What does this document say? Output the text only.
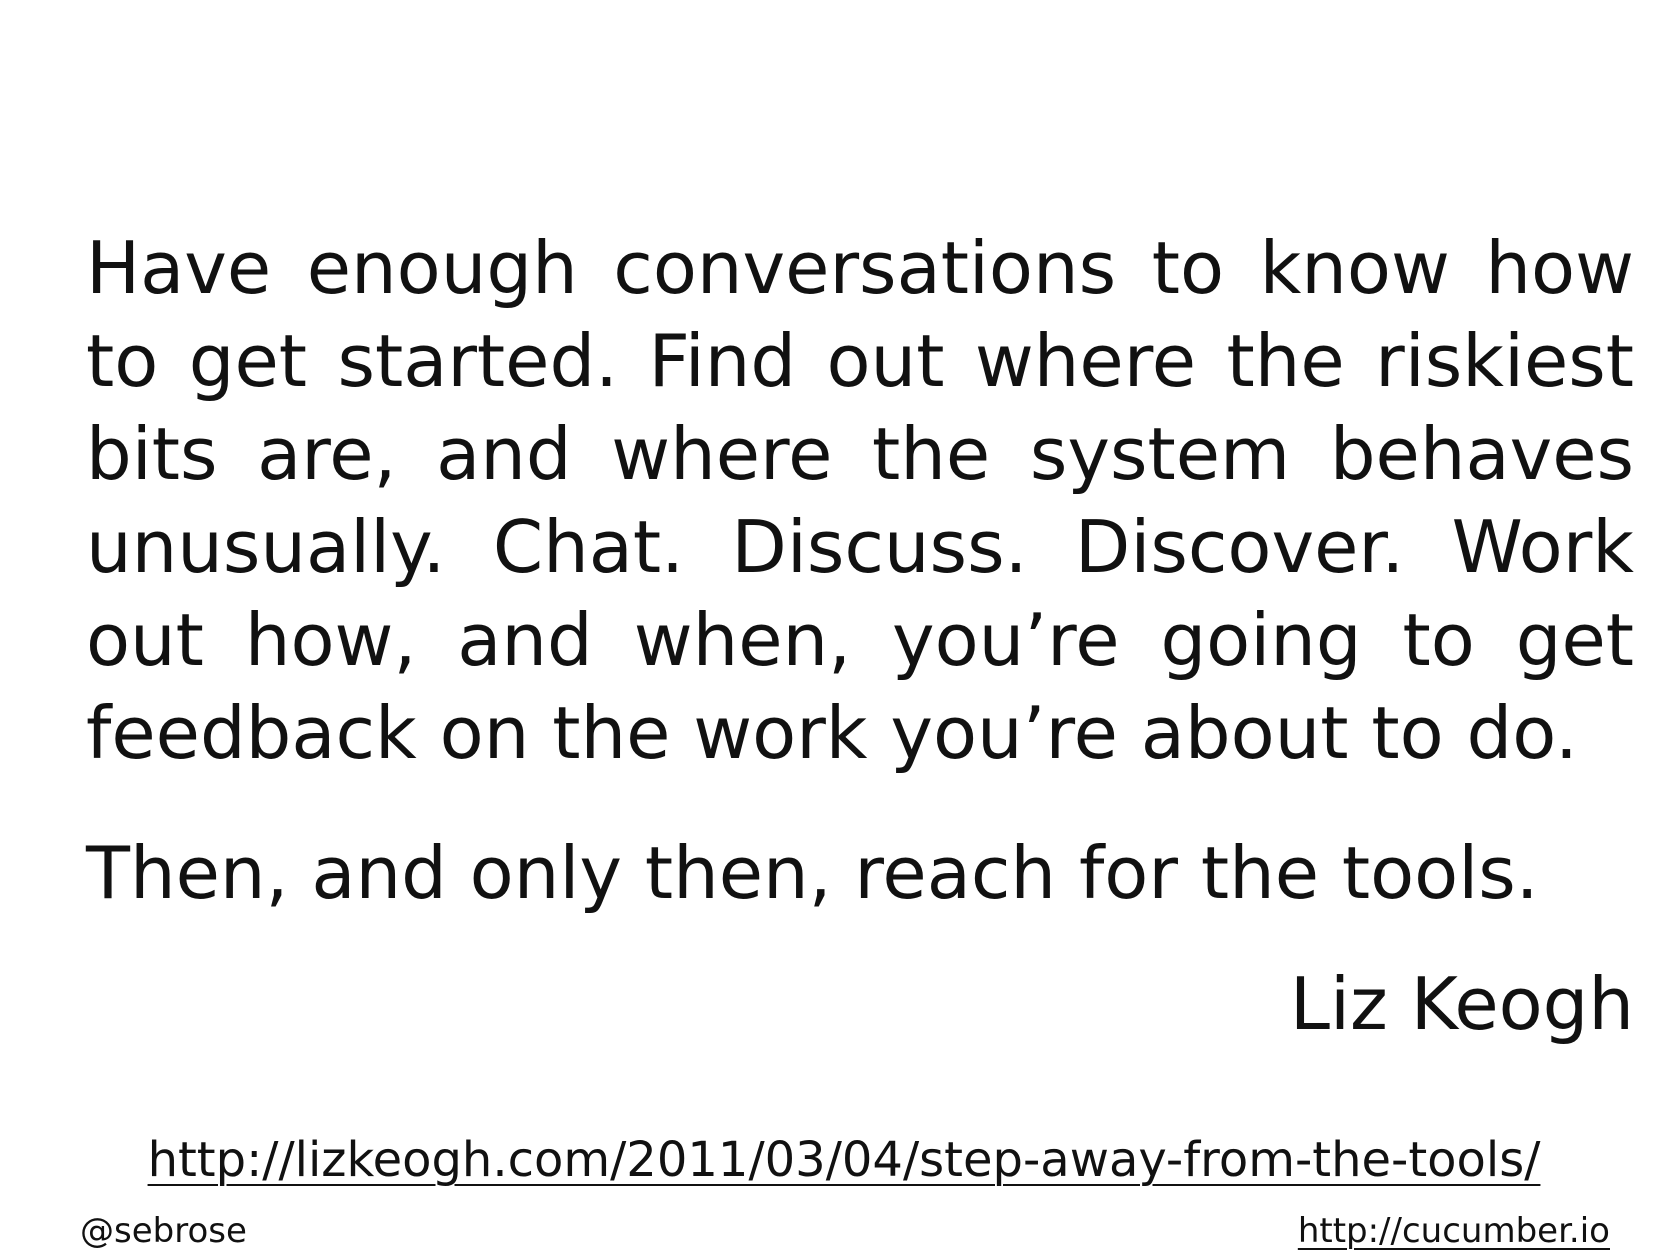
Have enough conversations to know how to get started. Find out where the riskiest bits are, and where the system behaves unusually. Chat. Discuss. Discover. Work out how, and when, you’re going to get feedback on the work you’re about to do.

Then, and only then, reach for the tools.

Liz Keogh

http://lizkeogh.com/2011/03/04/step-away-from-the-tools/
@sebrose	http://cucumber.io
